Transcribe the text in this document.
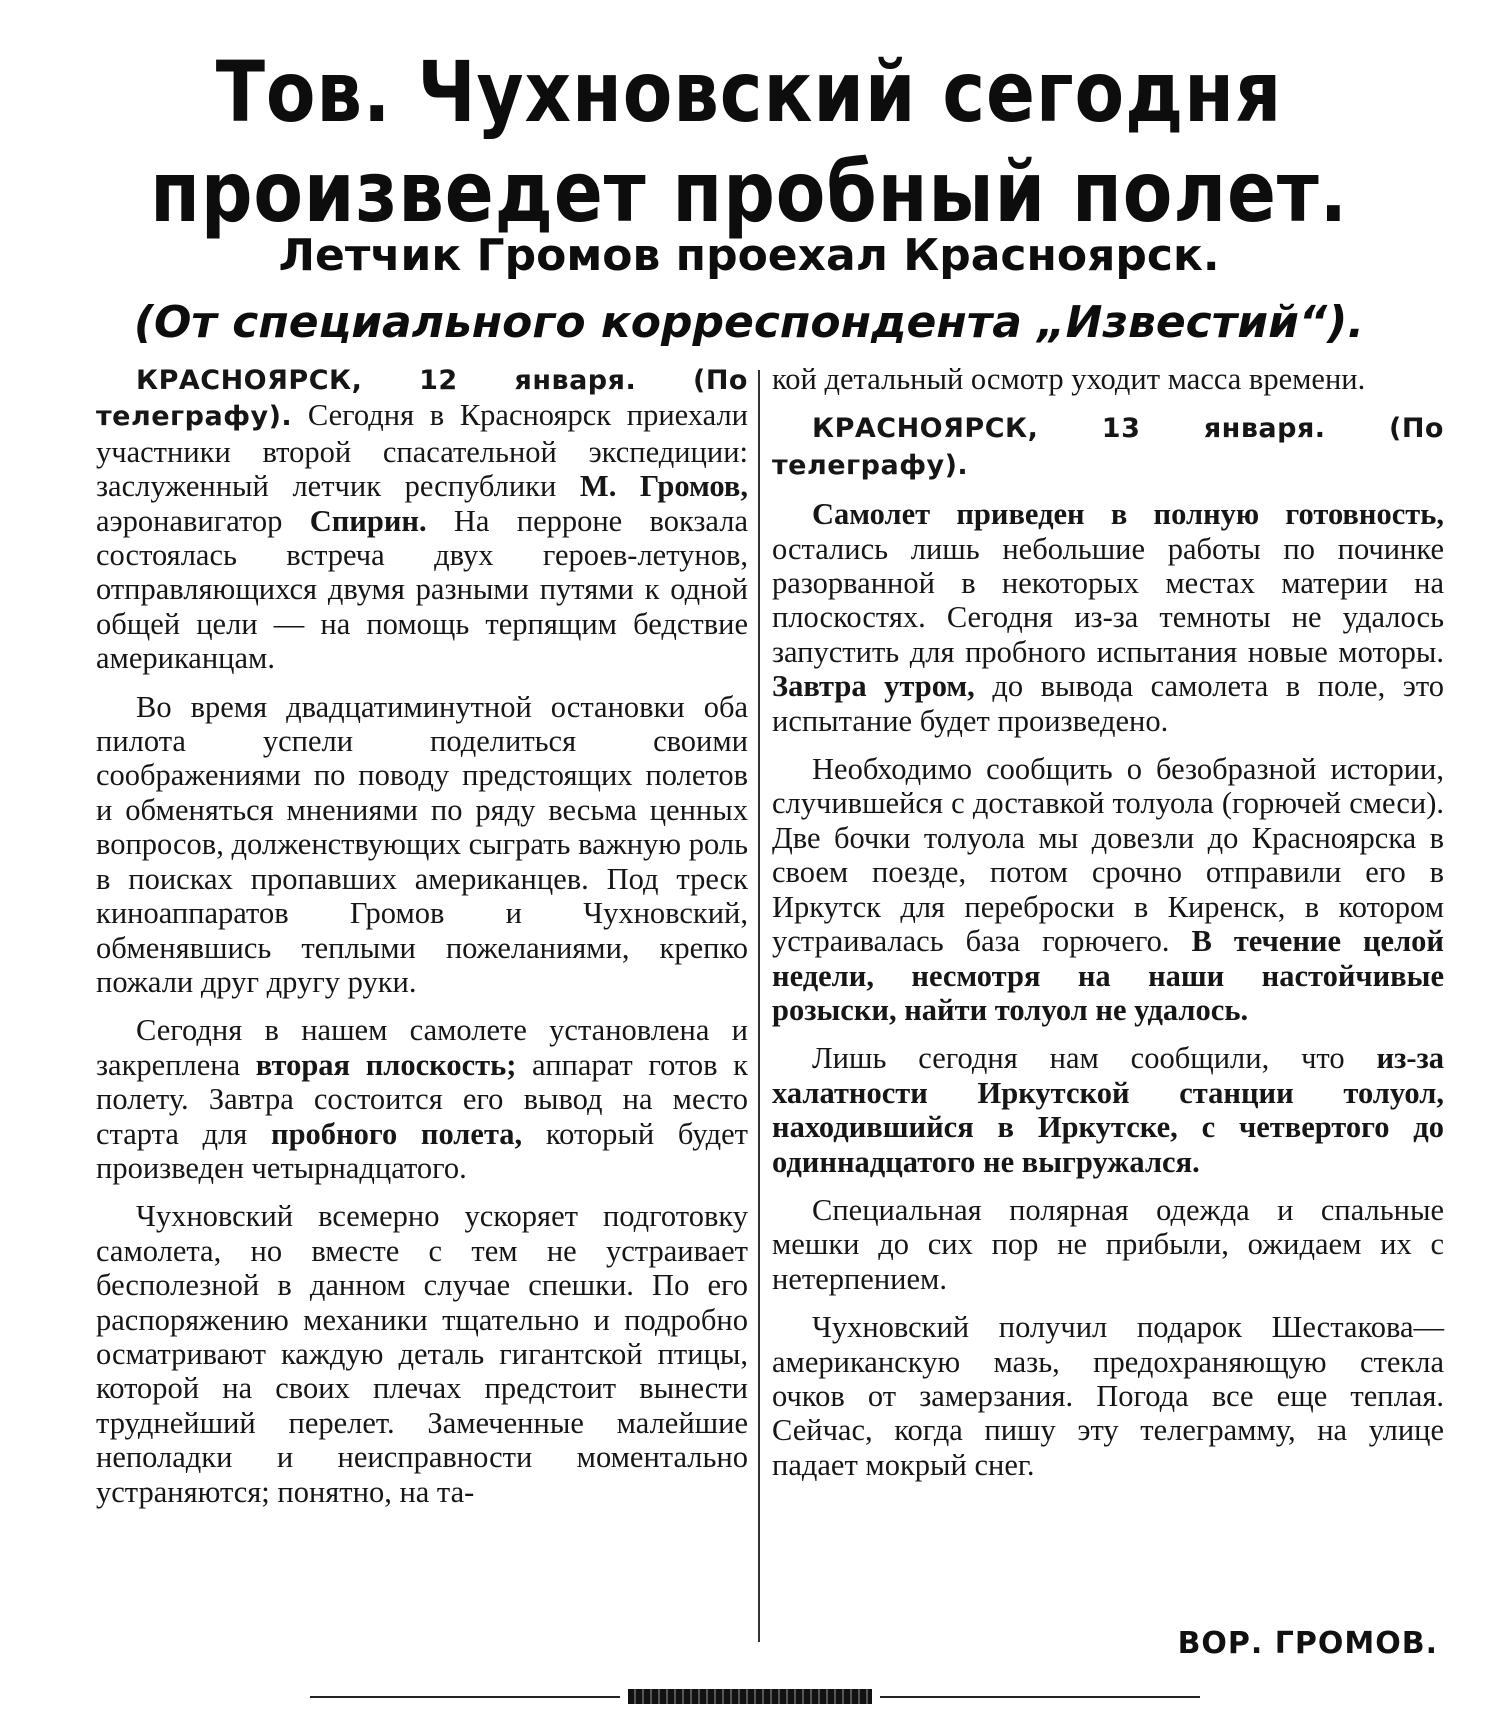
Тов. Чухновский сегодня произведет пробный полет.
Летчик Громов проехал Красноярск.
(От специального корреспондента „Известий“).

КРАСНОЯРСК, 12 января. (По телеграфу). Сегодня в Красноярск приехали участники второй спасательной экспедиции: заслуженный летчик республики М. Громов, аэронавигатор Спирин. На перроне вокзала состоялась встреча двух героев-летунов, отправляющихся двумя разными путями к одной общей цели — на помощь терпящим бедствие американцам.

Во время двадцатиминутной остановки оба пилота успели поделиться своими соображениями по поводу предстоящих полетов и обменяться мнениями по ряду весьма ценных вопросов, долженствующих сыграть важную роль в поисках пропавших американцев. Под треск киноаппаратов Громов и Чухновский, обменявшись теплыми пожеланиями, крепко пожали друг другу руки.

Сегодня в нашем самолете установлена и закреплена вторая плоскость; аппарат готов к полету. Завтра состоится его вывод на место старта для пробного полета, который будет произведен четырнадцатого.

Чухновский всемерно ускоряет подготовку самолета, но вместе с тем не устраивает бесполезной в данном случае спешки. По его распоряжению механики тщательно и подробно осматривают каждую деталь гигантской птицы, которой на своих плечах предстоит вынести труднейший перелет. Замеченные малейшие неполадки и неисправности моментально устраняются; понятно, на та-

кой детальный осмотр уходит масса времени.

КРАСНОЯРСК, 13 января. (По телеграфу).

Самолет приведен в полную готовность, остались лишь небольшие работы по починке разорванной в некоторых местах материи на плоскостях. Сегодня из-за темноты не удалось запустить для пробного испытания новые моторы. Завтра утром, до вывода самолета в поле, это испытание будет произведено.

Необходимо сообщить о безобразной истории, случившейся с доставкой толуола (горючей смеси). Две бочки толуола мы довезли до Красноярска в своем поезде, потом срочно отправили его в Иркутск для переброски в Киренск, в котором устраивалась база горючего. В течение целой недели, несмотря на наши настойчивые розыски, найти толуол не удалось.

Лишь сегодня нам сообщили, что из-за халатности Иркутской станции толуол, находившийся в Иркутске, с четвертого до одиннадцатого не выгружался.

Специальная полярная одежда и спальные мешки до сих пор не прибыли, ожидаем их с нетерпением.

Чухновский получил подарок Шестакова—американскую мазь, предохраняющую стекла очков от замерзания. Погода все еще теплая. Сейчас, когда пишу эту телеграмму, на улице падает мокрый снег.

ВОР. ГРОМОВ.
